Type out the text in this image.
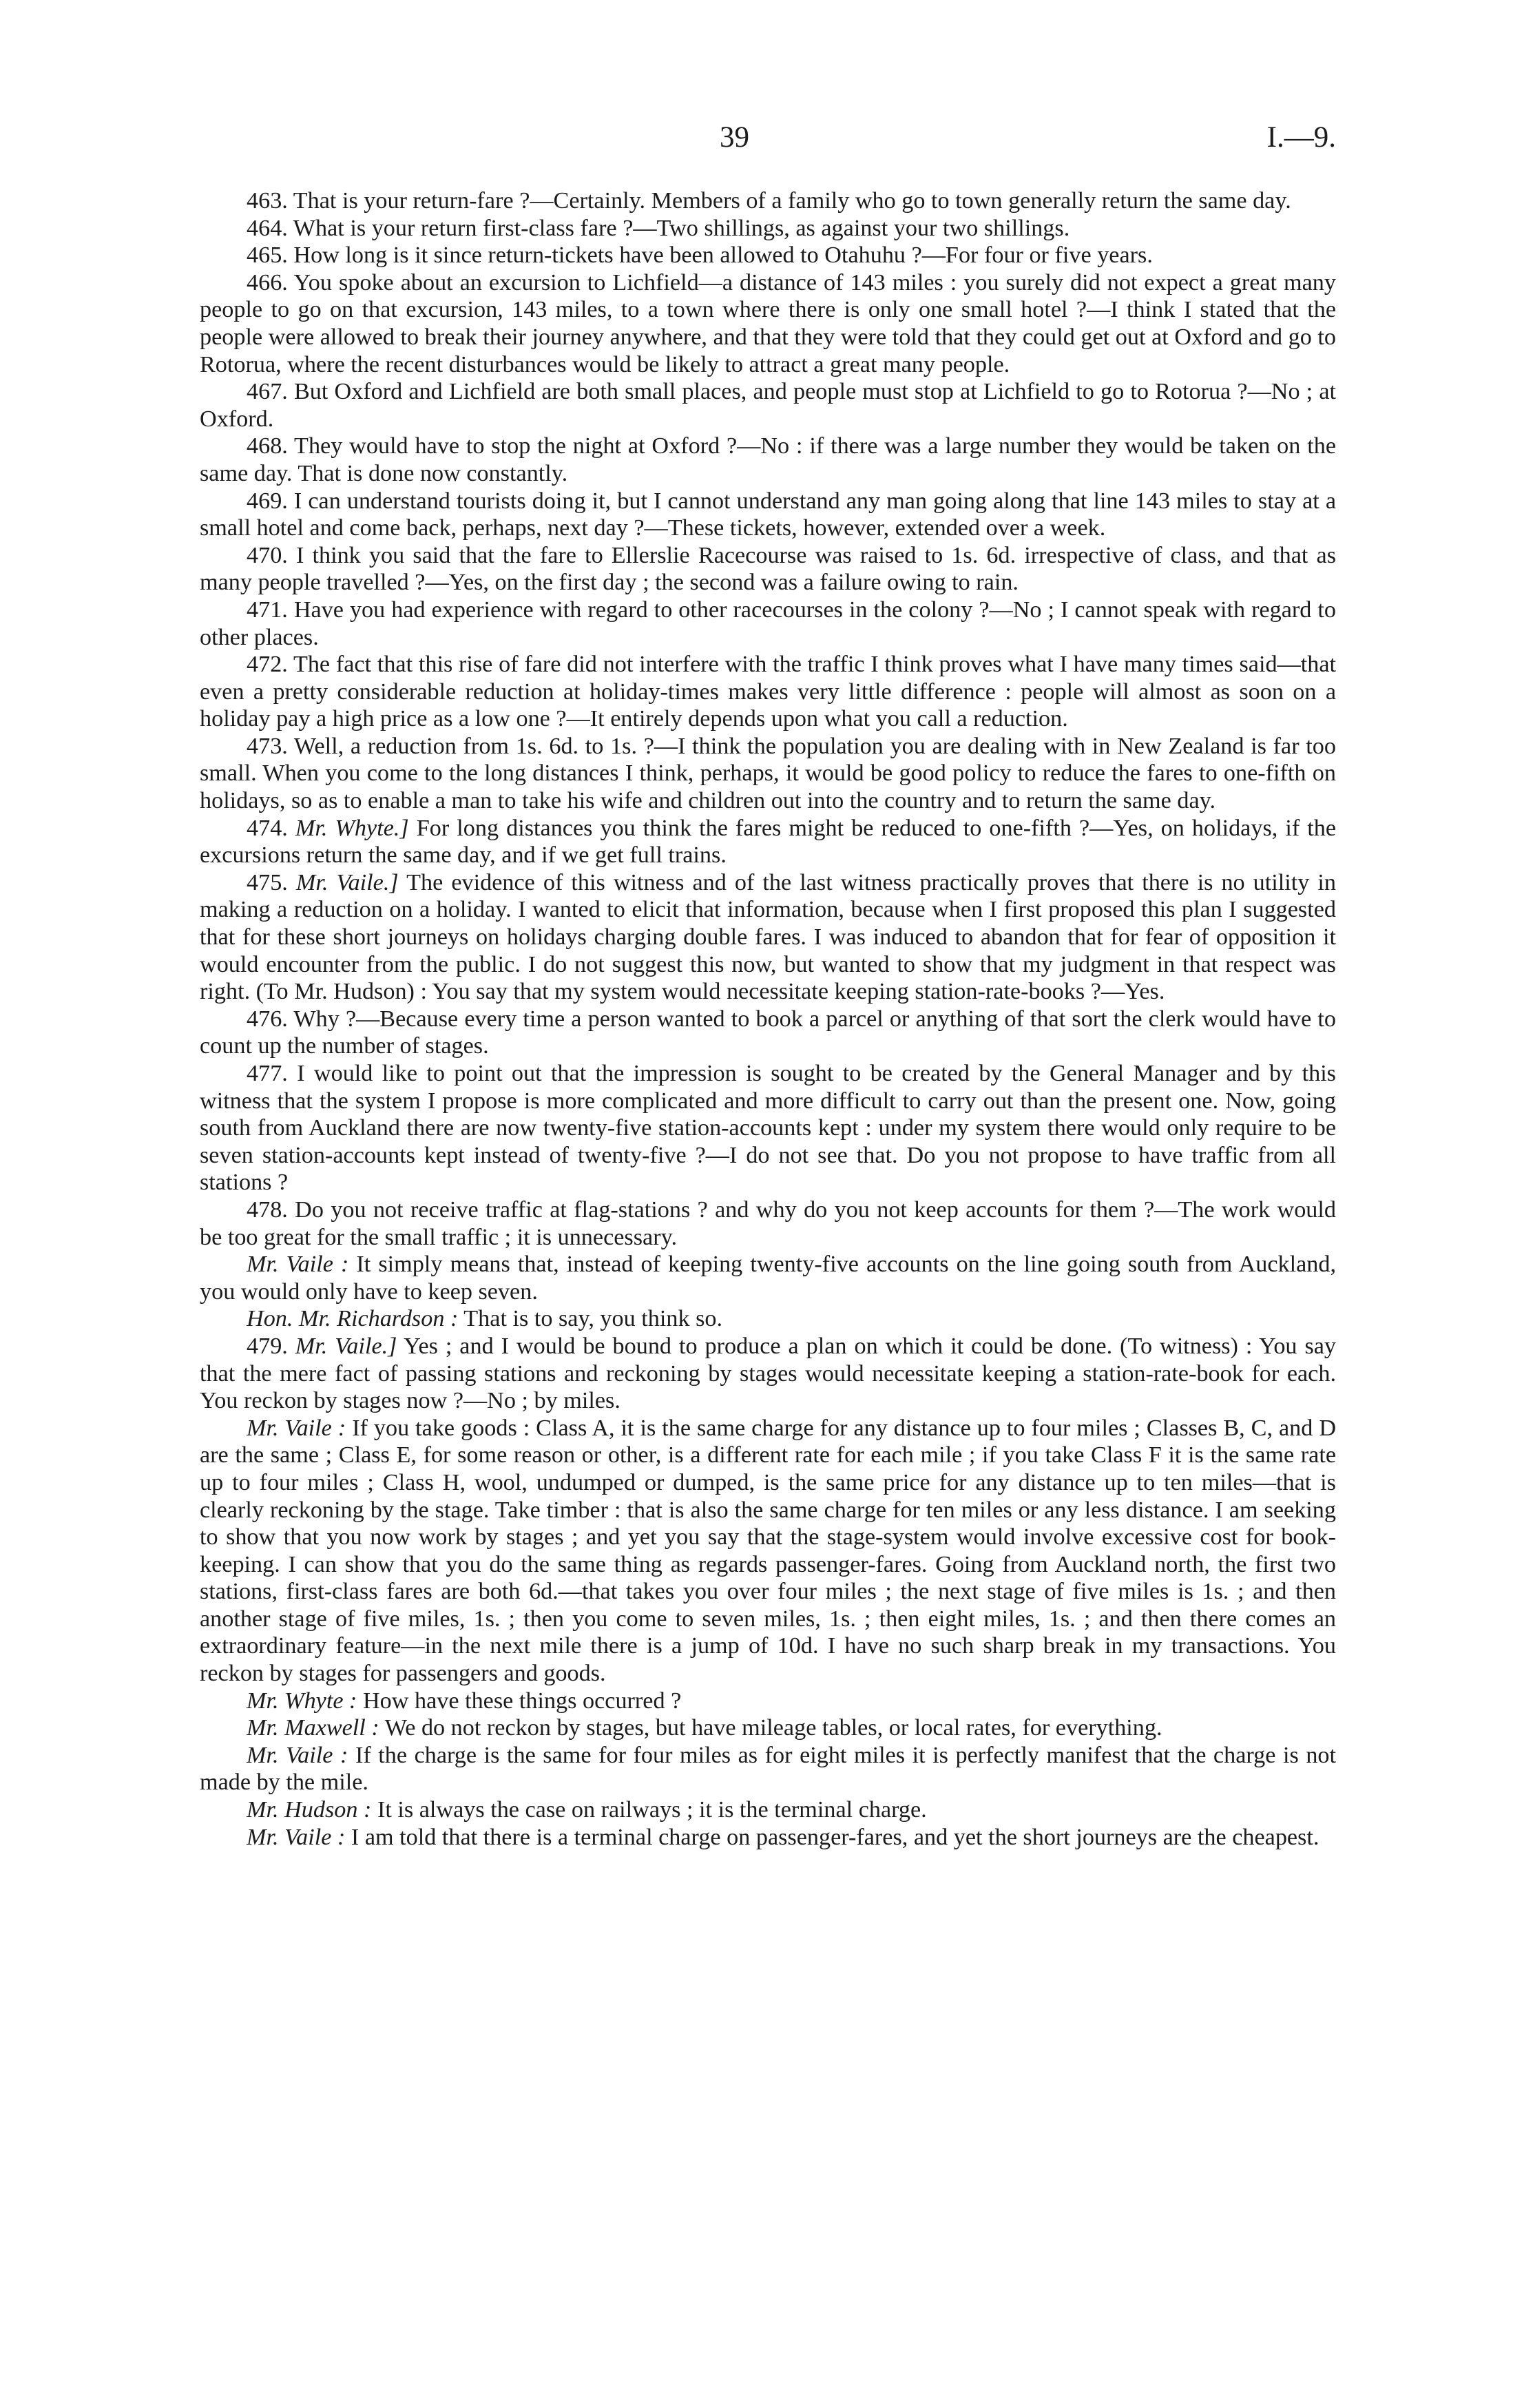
39	I.—9.

463. That is your return-fare ?—Certainly. Members of a family who go to town generally return the same day.

464. What is your return first-class fare ?—Two shillings, as against your two shillings.

465. How long is it since return-tickets have been allowed to Otahuhu ?—For four or five years.

466. You spoke about an excursion to Lichfield—a distance of 143 miles : you surely did not expect a great many people to go on that excursion, 143 miles, to a town where there is only one small hotel ?—I think I stated that the people were allowed to break their journey anywhere, and that they were told that they could get out at Oxford and go to Rotorua, where the recent disturbances would be likely to attract a great many people.

467. But Oxford and Lichfield are both small places, and people must stop at Lichfield to go to Rotorua ?—No ; at Oxford.

468. They would have to stop the night at Oxford ?—No : if there was a large number they would be taken on the same day. That is done now constantly.

469. I can understand tourists doing it, but I cannot understand any man going along that line 143 miles to stay at a small hotel and come back, perhaps, next day ?—These tickets, however, extended over a week.

470. I think you said that the fare to Ellerslie Racecourse was raised to 1s. 6d. irrespective of class, and that as many people travelled ?—Yes, on the first day ; the second was a failure owing to rain.

471. Have you had experience with regard to other racecourses in the colony ?—No ; I cannot speak with regard to other places.

472. The fact that this rise of fare did not interfere with the traffic I think proves what I have many times said—that even a pretty considerable reduction at holiday-times makes very little difference : people will almost as soon on a holiday pay a high price as a low one ?—It entirely depends upon what you call a reduction.

473. Well, a reduction from 1s. 6d. to 1s. ?—I think the population you are dealing with in New Zealand is far too small. When you come to the long distances I think, perhaps, it would be good policy to reduce the fares to one-fifth on holidays, so as to enable a man to take his wife and children out into the country and to return the same day.

474. Mr. Whyte.] For long distances you think the fares might be reduced to one-fifth ?—Yes, on holidays, if the excursions return the same day, and if we get full trains.

475. Mr. Vaile.] The evidence of this witness and of the last witness practically proves that there is no utility in making a reduction on a holiday. I wanted to elicit that information, because when I first proposed this plan I suggested that for these short journeys on holidays charging double fares. I was induced to abandon that for fear of opposition it would encounter from the public. I do not suggest this now, but wanted to show that my judgment in that respect was right. (To Mr. Hudson) : You say that my system would necessitate keeping station-rate-books ?—Yes.

476. Why ?—Because every time a person wanted to book a parcel or anything of that sort the clerk would have to count up the number of stages.

477. I would like to point out that the impression is sought to be created by the General Manager and by this witness that the system I propose is more complicated and more difficult to carry out than the present one. Now, going south from Auckland there are now twenty-five station-accounts kept : under my system there would only require to be seven station-accounts kept instead of twenty-five ?—I do not see that. Do you not propose to have traffic from all stations ?

478. Do you not receive traffic at flag-stations ? and why do you not keep accounts for them ?—The work would be too great for the small traffic ; it is unnecessary.

Mr. Vaile : It simply means that, instead of keeping twenty-five accounts on the line going south from Auckland, you would only have to keep seven.

Hon. Mr. Richardson : That is to say, you think so.

479. Mr. Vaile.] Yes ; and I would be bound to produce a plan on which it could be done. (To witness) : You say that the mere fact of passing stations and reckoning by stages would necessitate keeping a station-rate-book for each. You reckon by stages now ?—No ; by miles.

Mr. Vaile : If you take goods : Class A, it is the same charge for any distance up to four miles ; Classes B, C, and D are the same ; Class E, for some reason or other, is a different rate for each mile ; if you take Class F it is the same rate up to four miles ; Class H, wool, undumped or dumped, is the same price for any distance up to ten miles—that is clearly reckoning by the stage. Take timber : that is also the same charge for ten miles or any less distance. I am seeking to show that you now work by stages ; and yet you say that the stage-system would involve excessive cost for book-keeping. I can show that you do the same thing as regards passenger-fares. Going from Auckland north, the first two stations, first-class fares are both 6d.—that takes you over four miles ; the next stage of five miles is 1s. ; and then another stage of five miles, 1s. ; then you come to seven miles, 1s. ; then eight miles, 1s. ; and then there comes an extraordinary feature—in the next mile there is a jump of 10d. I have no such sharp break in my transactions. You reckon by stages for passengers and goods.

Mr. Whyte : How have these things occurred ?

Mr. Maxwell : We do not reckon by stages, but have mileage tables, or local rates, for everything.

Mr. Vaile : If the charge is the same for four miles as for eight miles it is perfectly manifest that the charge is not made by the mile.

Mr. Hudson : It is always the case on railways ; it is the terminal charge.

Mr. Vaile : I am told that there is a terminal charge on passenger-fares, and yet the short journeys are the cheapest.
